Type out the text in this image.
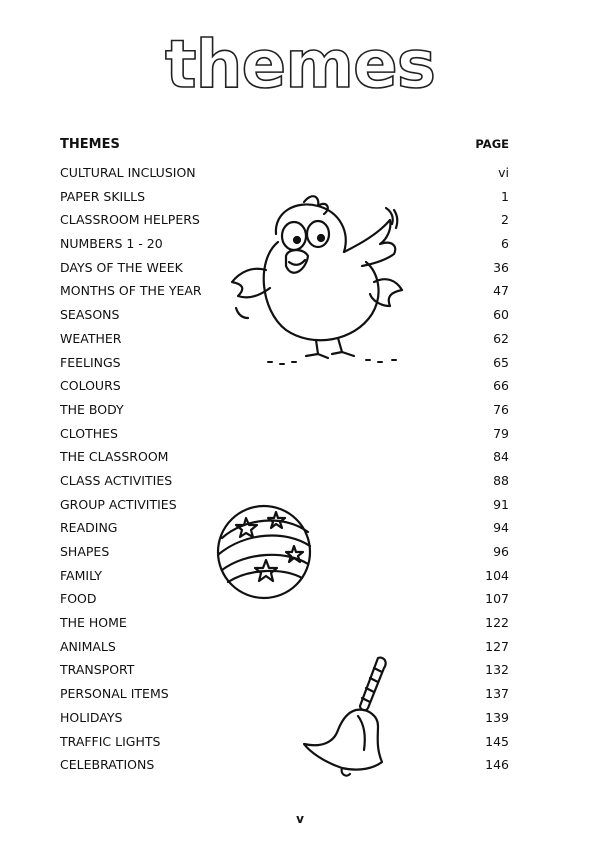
themes
THEMES	PAGE
CULTURAL INCLUSION	vi
PAPER SKILLS	1
CLASSROOM HELPERS	2
NUMBERS 1 - 20	6
DAYS OF THE WEEK	36
MONTHS OF THE YEAR	47
SEASONS	60
WEATHER	62
FEELINGS	65
COLOURS	66
THE BODY	76
CLOTHES	79
THE CLASSROOM	84
CLASS ACTIVITIES	88
GROUP ACTIVITIES	91
READING	94
SHAPES	96
FAMILY	104
FOOD	107
THE HOME	122
ANIMALS	127
TRANSPORT	132
PERSONAL ITEMS	137
HOLIDAYS	139
TRAFFIC LIGHTS	145
CELEBRATIONS	146
v
